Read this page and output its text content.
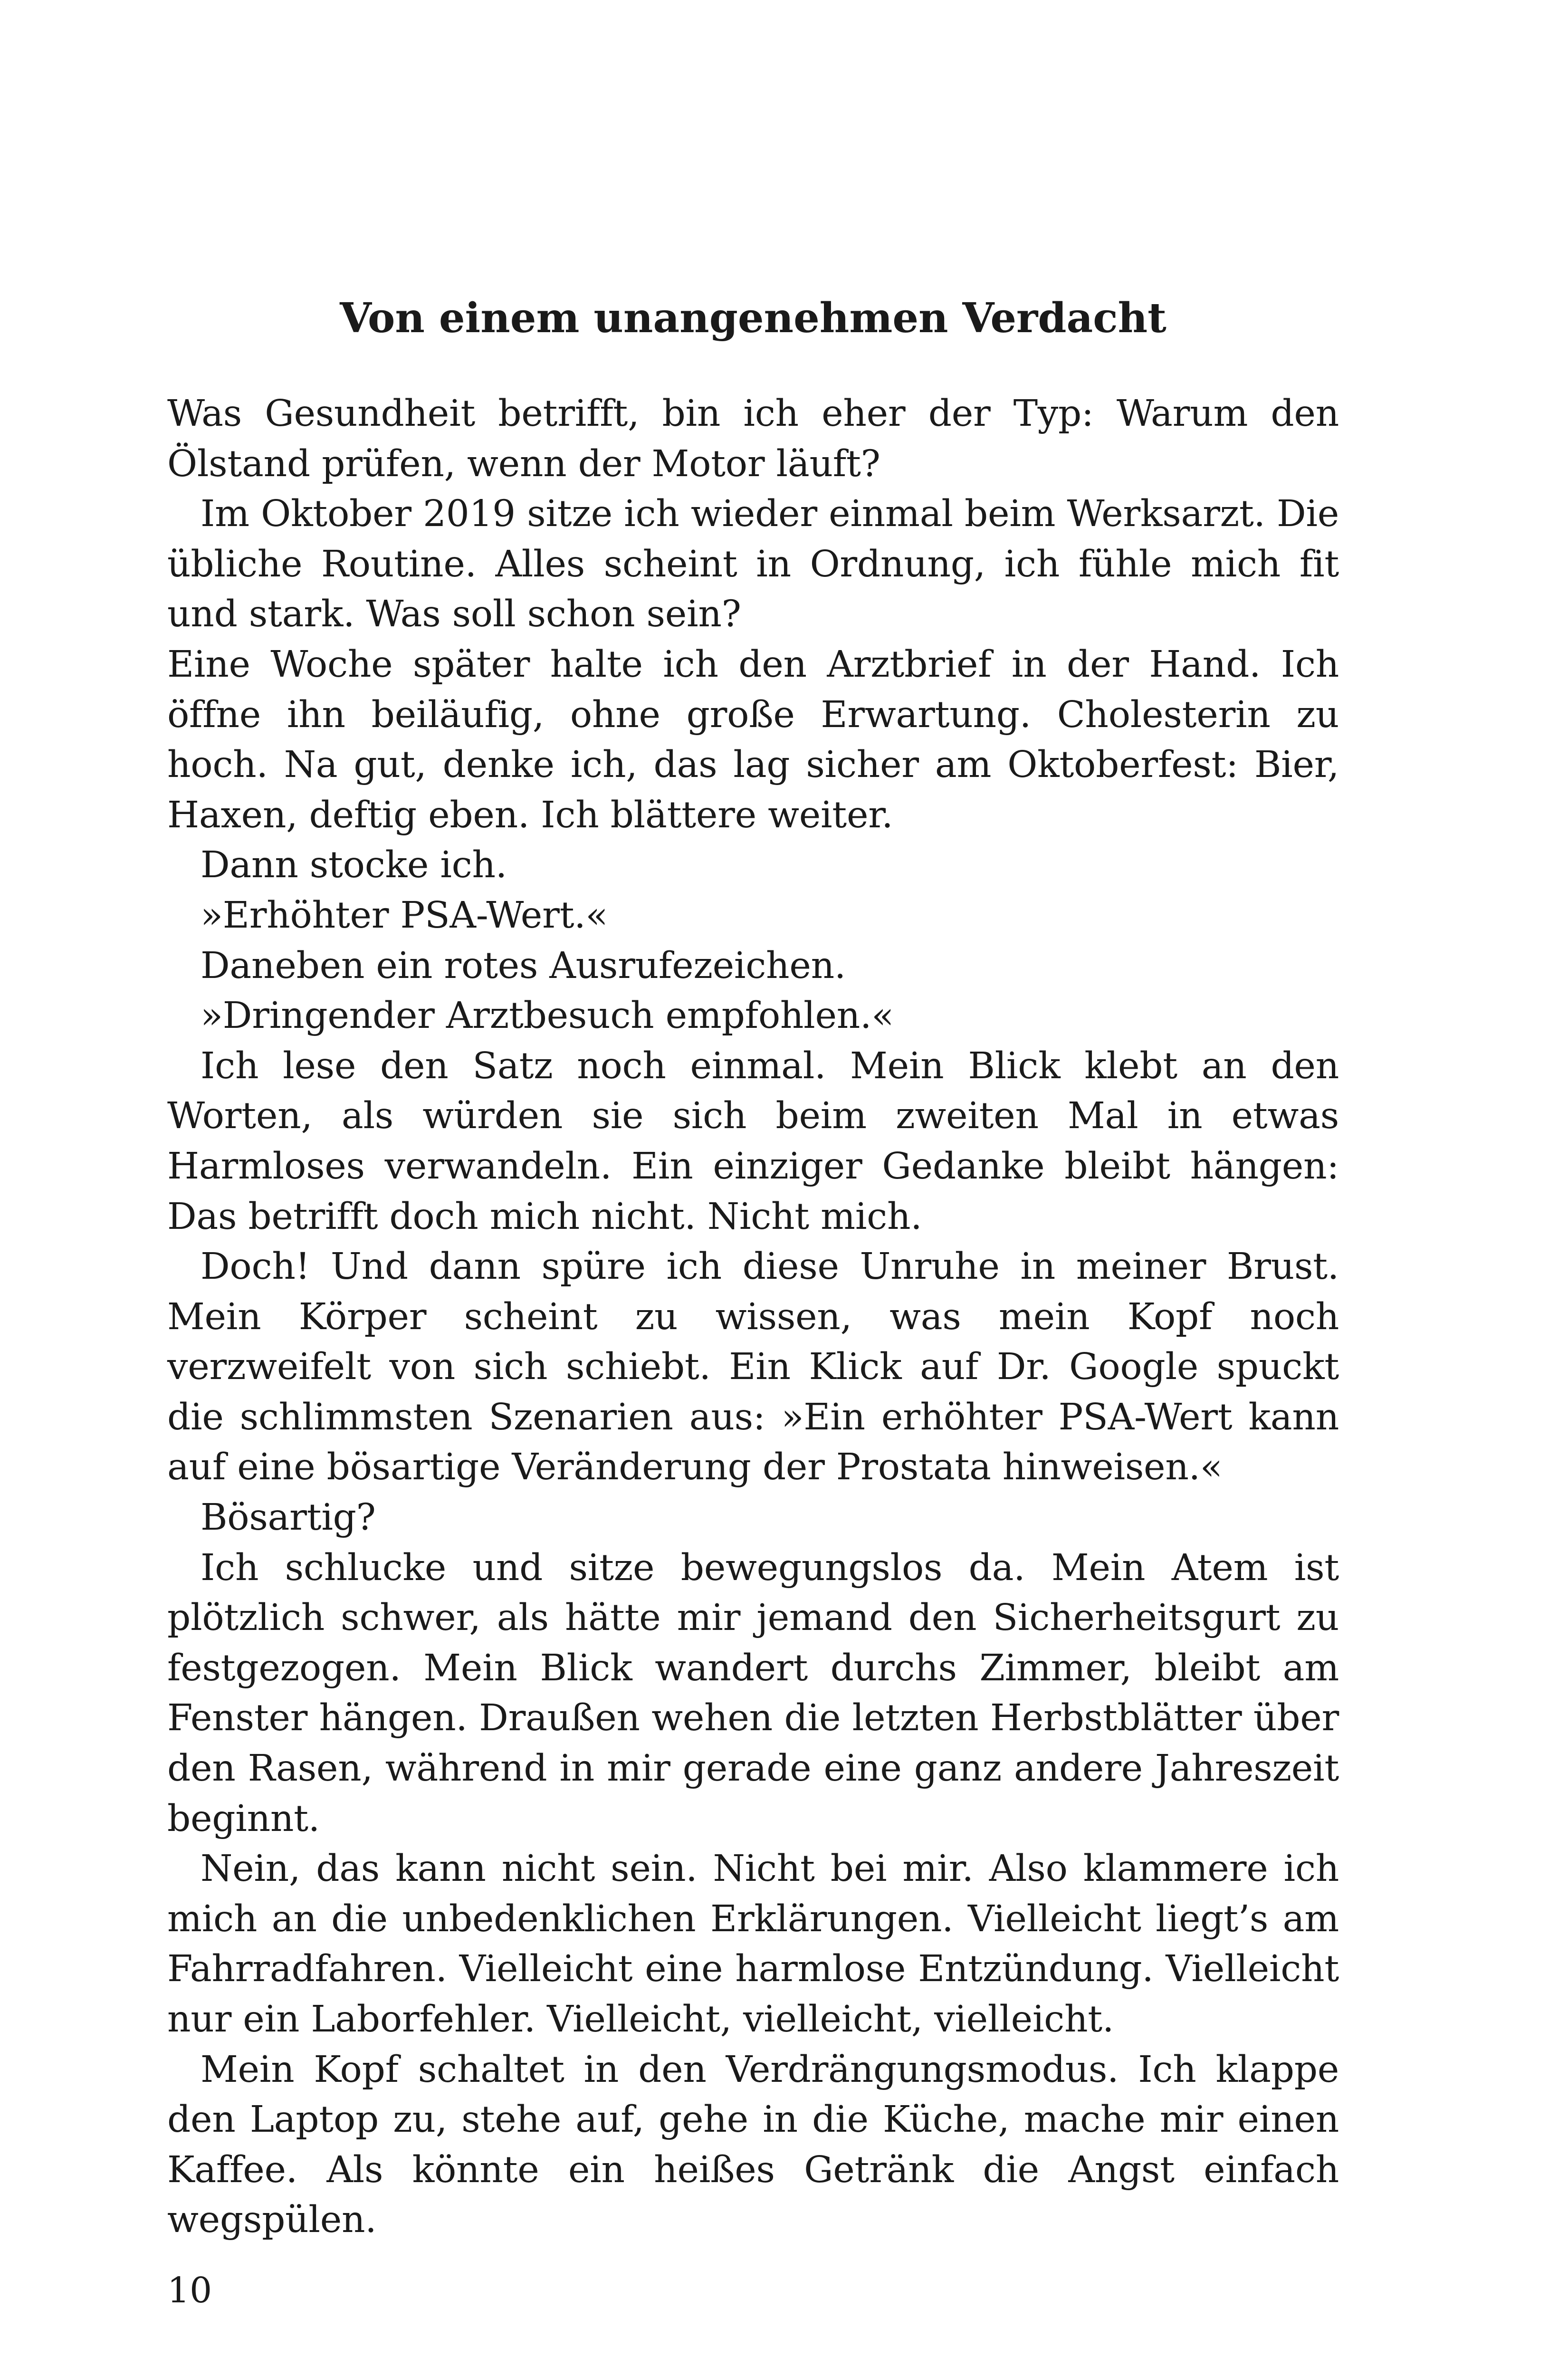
Von einem unangenehmen Verdacht

Was Gesundheit betrifft, bin ich eher der Typ: Warum den Ölstand prüfen, wenn der Motor läuft?

Im Oktober 2019 sitze ich wieder einmal beim Werksarzt. Die übliche Routine. Alles scheint in Ordnung, ich fühle mich fit und stark. Was soll schon sein?

Eine Woche später halte ich den Arztbrief in der Hand. Ich öffne ihn beiläufig, ohne große Erwartung. Cholesterin zu hoch. Na gut, denke ich, das lag sicher am Oktoberfest: Bier, Haxen, deftig eben. Ich blättere weiter.

Dann stocke ich.

»Erhöhter PSA-Wert.«

Daneben ein rotes Ausrufezeichen.

»Dringender Arztbesuch empfohlen.«

Ich lese den Satz noch einmal. Mein Blick klebt an den Worten, als würden sie sich beim zweiten Mal in etwas Harmloses verwandeln. Ein einziger Gedanke bleibt hängen: Das betrifft doch mich nicht. Nicht mich.

Doch! Und dann spüre ich diese Unruhe in meiner Brust. Mein Körper scheint zu wissen, was mein Kopf noch verzweifelt von sich schiebt. Ein Klick auf Dr. Google spuckt die schlimmsten Szenarien aus: »Ein erhöhter PSA-Wert kann auf eine bösartige Veränderung der Prostata hinweisen.«

Bösartig?

Ich schlucke und sitze bewegungslos da. Mein Atem ist plötzlich schwer, als hätte mir jemand den Sicherheitsgurt zu festgezogen. Mein Blick wandert durchs Zimmer, bleibt am Fenster hängen. Draußen wehen die letzten Herbstblätter über den Rasen, während in mir gerade eine ganz andere Jahreszeit beginnt.

Nein, das kann nicht sein. Nicht bei mir. Also klammere ich mich an die unbedenklichen Erklärungen. Vielleicht liegt’s am Fahrradfahren. Vielleicht eine harmlose Entzündung. Vielleicht nur ein Laborfehler. Vielleicht, vielleicht, vielleicht.

Mein Kopf schaltet in den Verdrängungsmodus. Ich klappe den Laptop zu, stehe auf, gehe in die Küche, mache mir einen Kaffee. Als könnte ein heißes Getränk die Angst einfach wegspülen.

10
